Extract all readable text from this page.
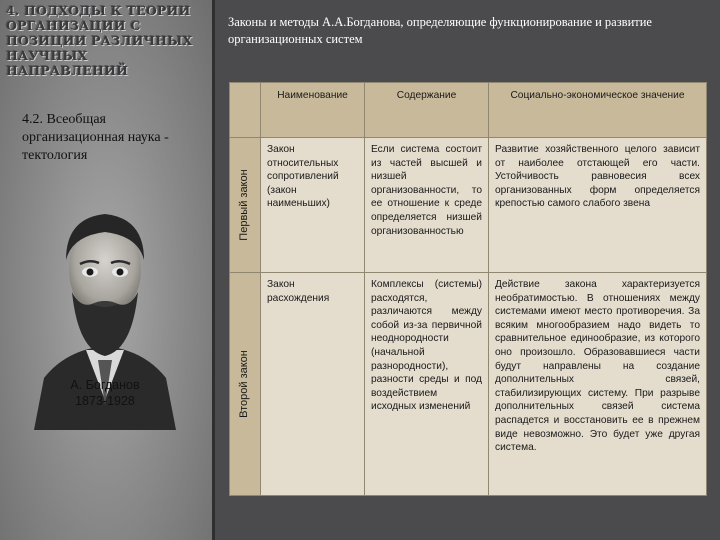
4. ПОДХОДЫ К ТЕОРИИ ОРГАНИЗАЦИИ С ПОЗИЦИИ РАЗЛИЧНЫХ НАУЧНЫХ НАПРАВЛЕНИЙ
4.2. Всеобщая организационная наука - тектология
А. Богданов
1873-1928
Законы и методы А.А.Богданова, определяющие функционирование и развитие организационных систем
	Наименование	Содержание	Социально-экономическое значение

Первый закон	Закон относительных сопротивлений (закон наименьших)	Если система состоит из частей высшей и низшей организованности, то ее отношение к среде определяется низшей организованностью	Развитие хозяйственного целого зависит от наиболее отстающей его части. Устойчивость равновесия всех организованных форм определяется крепостью самого слабого звена

Второй закон	Закон расхождения	Комплексы (системы) расходятся, различаются между собой из-за первичной неоднородности (начальной разнородности), разности среды и под воздействием исходных изменений	Действие закона характеризуется необратимостью. В отношениях между системами имеют место противоречия. За всяким многообразием надо видеть то сравнительное единообразие, из которого оно произошло. Образовавшиеся части будут направлены на создание дополнительных связей, стабилизирующих систему. При разрыве дополнительных связей система распадется и восстановить ее в прежнем виде невозможно. Это будет уже другая система.
